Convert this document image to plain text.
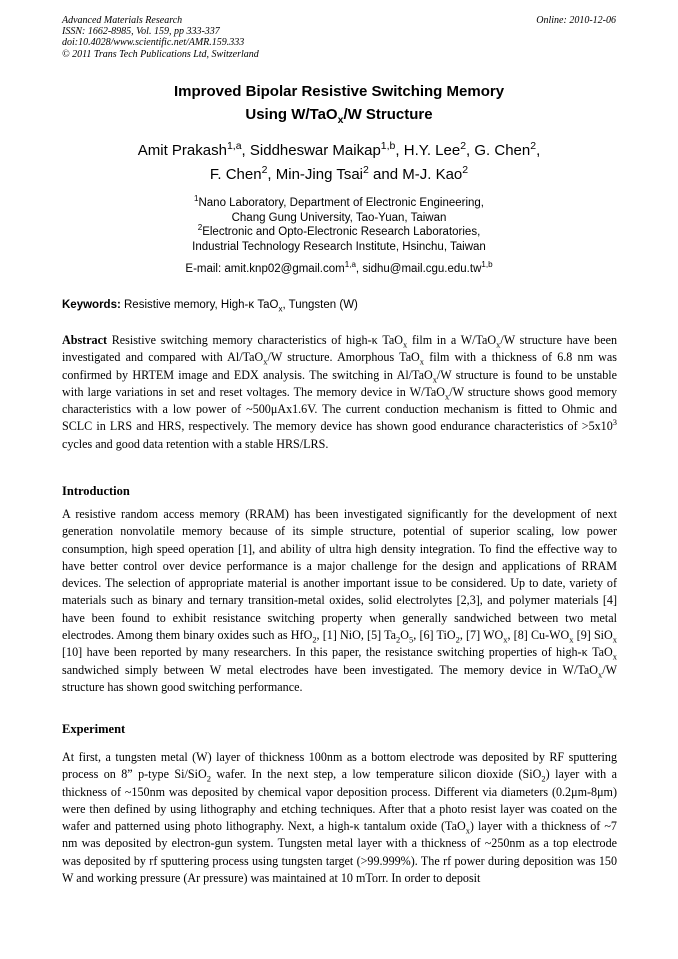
Advanced Materials Research
ISSN: 1662-8985, Vol. 159, pp 333-337
doi:10.4028/www.scientific.net/AMR.159.333
© 2011 Trans Tech Publications Ltd, Switzerland
Online: 2010-12-06
Improved Bipolar Resistive Switching Memory
Using W/TaO$_x$/W Structure
Amit Prakash$^{1,a}$, Siddheswar Maikap$^{1,b}$, H.Y. Lee$^2$, G. Chen$^2$,
F. Chen$^2$, Min-Jing Tsai$^2$ and M-J. Kao$^2$
$^1$Nano Laboratory, Department of Electronic Engineering,
Chang Gung University, Tao-Yuan, Taiwan
$^2$Electronic and Opto-Electronic Research Laboratories,
Industrial Technology Research Institute, Hsinchu, Taiwan
E-mail: amit.knp02@gmail.com$^{1,a}$, sidhu@mail.cgu.edu.tw$^{1,b}$
Keywords: Resistive memory, High-κ TaO$_x$, Tungsten (W)
Abstract Resistive switching memory characteristics of high-κ TaO$_x$ film in a W/TaO$_x$/W structure have been investigated and compared with Al/TaO$_x$/W structure. Amorphous TaO$_x$ film with a thickness of 6.8 nm was confirmed by HRTEM image and EDX analysis. The switching in Al/TaO$_x$/W structure is found to be unstable with large variations in set and reset voltages. The memory device in W/TaO$_x$/W structure shows good memory characteristics with a low power of ~500μAx1.6V. The current conduction mechanism is fitted to Ohmic and SCLC in LRS and HRS, respectively. The memory device has shown good endurance characteristics of $>5x10^3$ cycles and good data retention with a stable HRS/LRS.
Introduction
A resistive random access memory (RRAM) has been investigated significantly for the development of next generation nonvolatile memory because of its simple structure, potential of superior scaling, low power consumption, high speed operation [1], and ability of ultra high density integration. To find the effective way to have better control over device performance is a major challenge for the design and applications of RRAM devices. The selection of appropriate material is another important issue to be considered. Up to date, variety of materials such as binary and ternary transition-metal oxides, solid electrolytes [2,3], and polymer materials [4] have been found to exhibit resistance switching property when generally sandwiched between two metal electrodes. Among them binary oxides such as HfO$_2$, [1] NiO, [5] $Ta_2O_5$, [6] TiO$_2$, [7] $WO_x$, [8] $Cu-WO_x$ [9] SiO$_x$ [10] have been reported by many researchers. In this paper, the resistance switching properties of high-κ TaO$_x$ sandwiched simply between W metal electrodes have been investigated. The memory device in W/TaO$_x$/W structure has shown good switching performance.
Experiment
At first, a tungsten metal (W) layer of thickness 100nm as a bottom electrode was deposited by RF sputtering process on 8” p-type Si/SiO$_2$ wafer. In the next step, a low temperature silicon dioxide (SiO$_2$) layer with a thickness of ~150nm was deposited by chemical vapor deposition process. Different via diameters (0.2μm-8μm) were then defined by using lithography and etching techniques. After that a photo resist layer was coated on the wafer and patterned using photo lithography. Next, a high-κ tantalum oxide (TaO$_x$) layer with a thickness of ~7 nm was deposited by electron-gun system. Tungsten metal layer with a thickness of ~250nm as a top electrode was deposited by rf sputtering process using tungsten target (>99.999%). The rf power during deposition was 150 W and working pressure (Ar pressure) was maintained at 10 mTorr. In order to deposit
